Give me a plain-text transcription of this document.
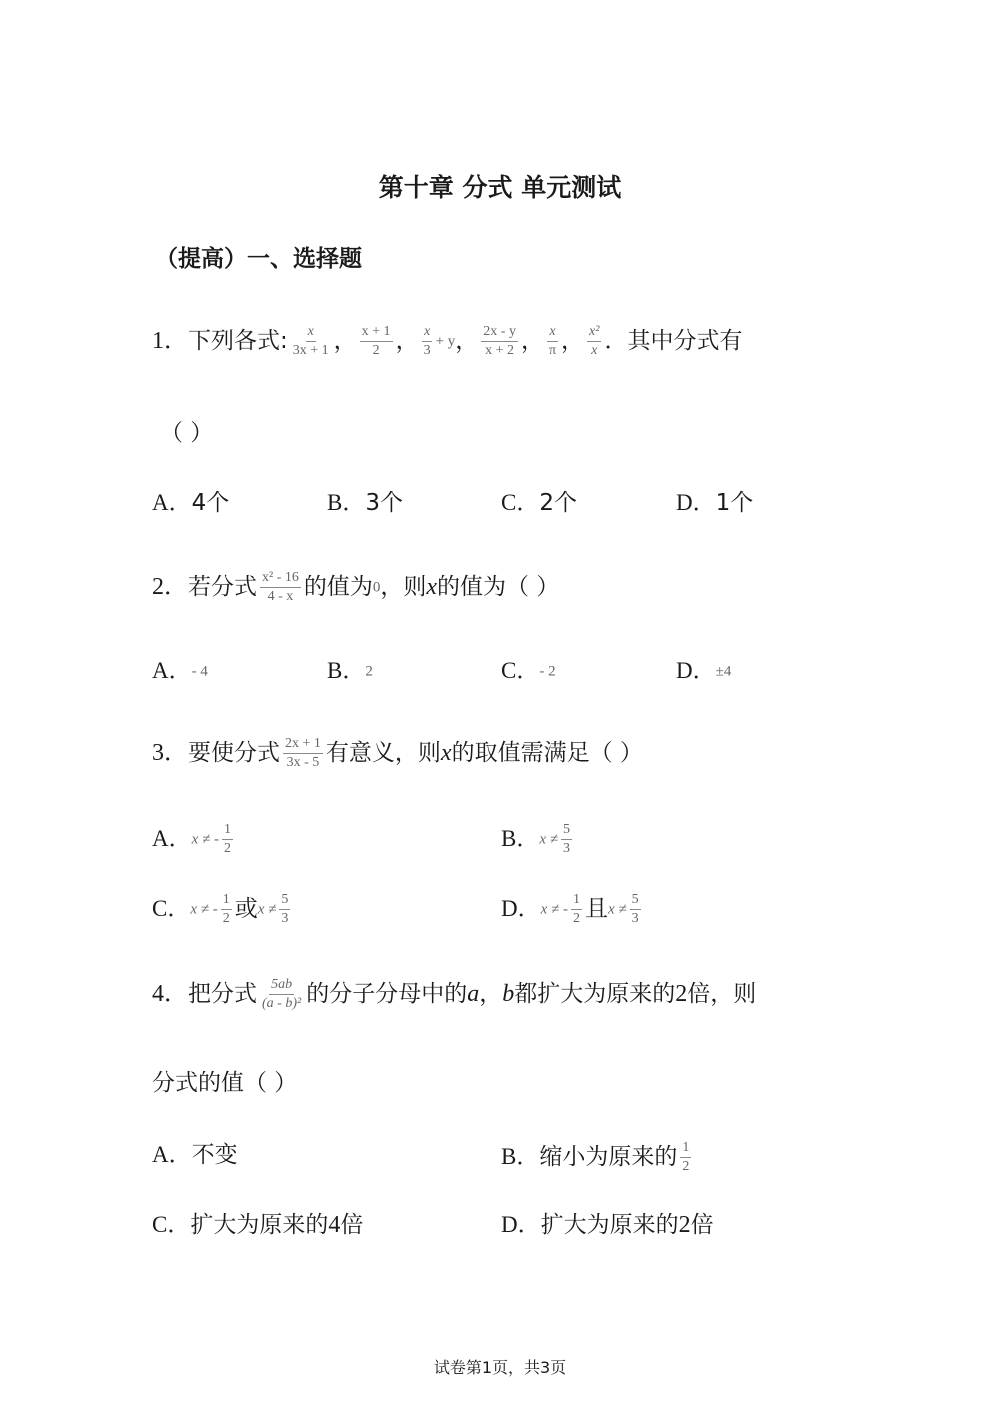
第十章 分式 单元测试
（提高）一、选择题
1．下列各式: $\frac{x}{3x + 1}$ ， $\frac{x + 1}{2}$ ， $\frac{x}{3} + y$， $\frac{2x - y}{x + 2}$ ， $\frac{x}{\pi}$ ， $\frac{\text{x²}}{x}$ ．其中分式有
（ ）
A．4个	B．3个	C．2个	D．1个
2．若分式 $\frac{\text{x² - 16}}{4 - x}$ 的值为0，则x的值为（ ）
A．- 4	B．2	C．- 2	D．±4
3．要使分式 $\frac{2x + 1}{3x - 5}$ 有意义，则x的取值需满足（ ）
A．x ≠ - $\frac{1}{2}$	B．$x \ne \frac{5}{3}$
C．x ≠ - $\frac{1}{2}$ 或$x \ne \frac{5}{3}$	D．x ≠ - $\frac{1}{2}$ 且$x \ne \frac{5}{3}$
4．把分式 $\frac{5ab}{\text{(a - b)²}}$ 的分子分母中的a，b都扩大为原来的2倍，则
分式的值（ ）
A．不变	B．缩小为原来的 $\frac{1}{2}$
C．扩大为原来的4倍	D．扩大为原来的2倍
试卷第1页，共3页
